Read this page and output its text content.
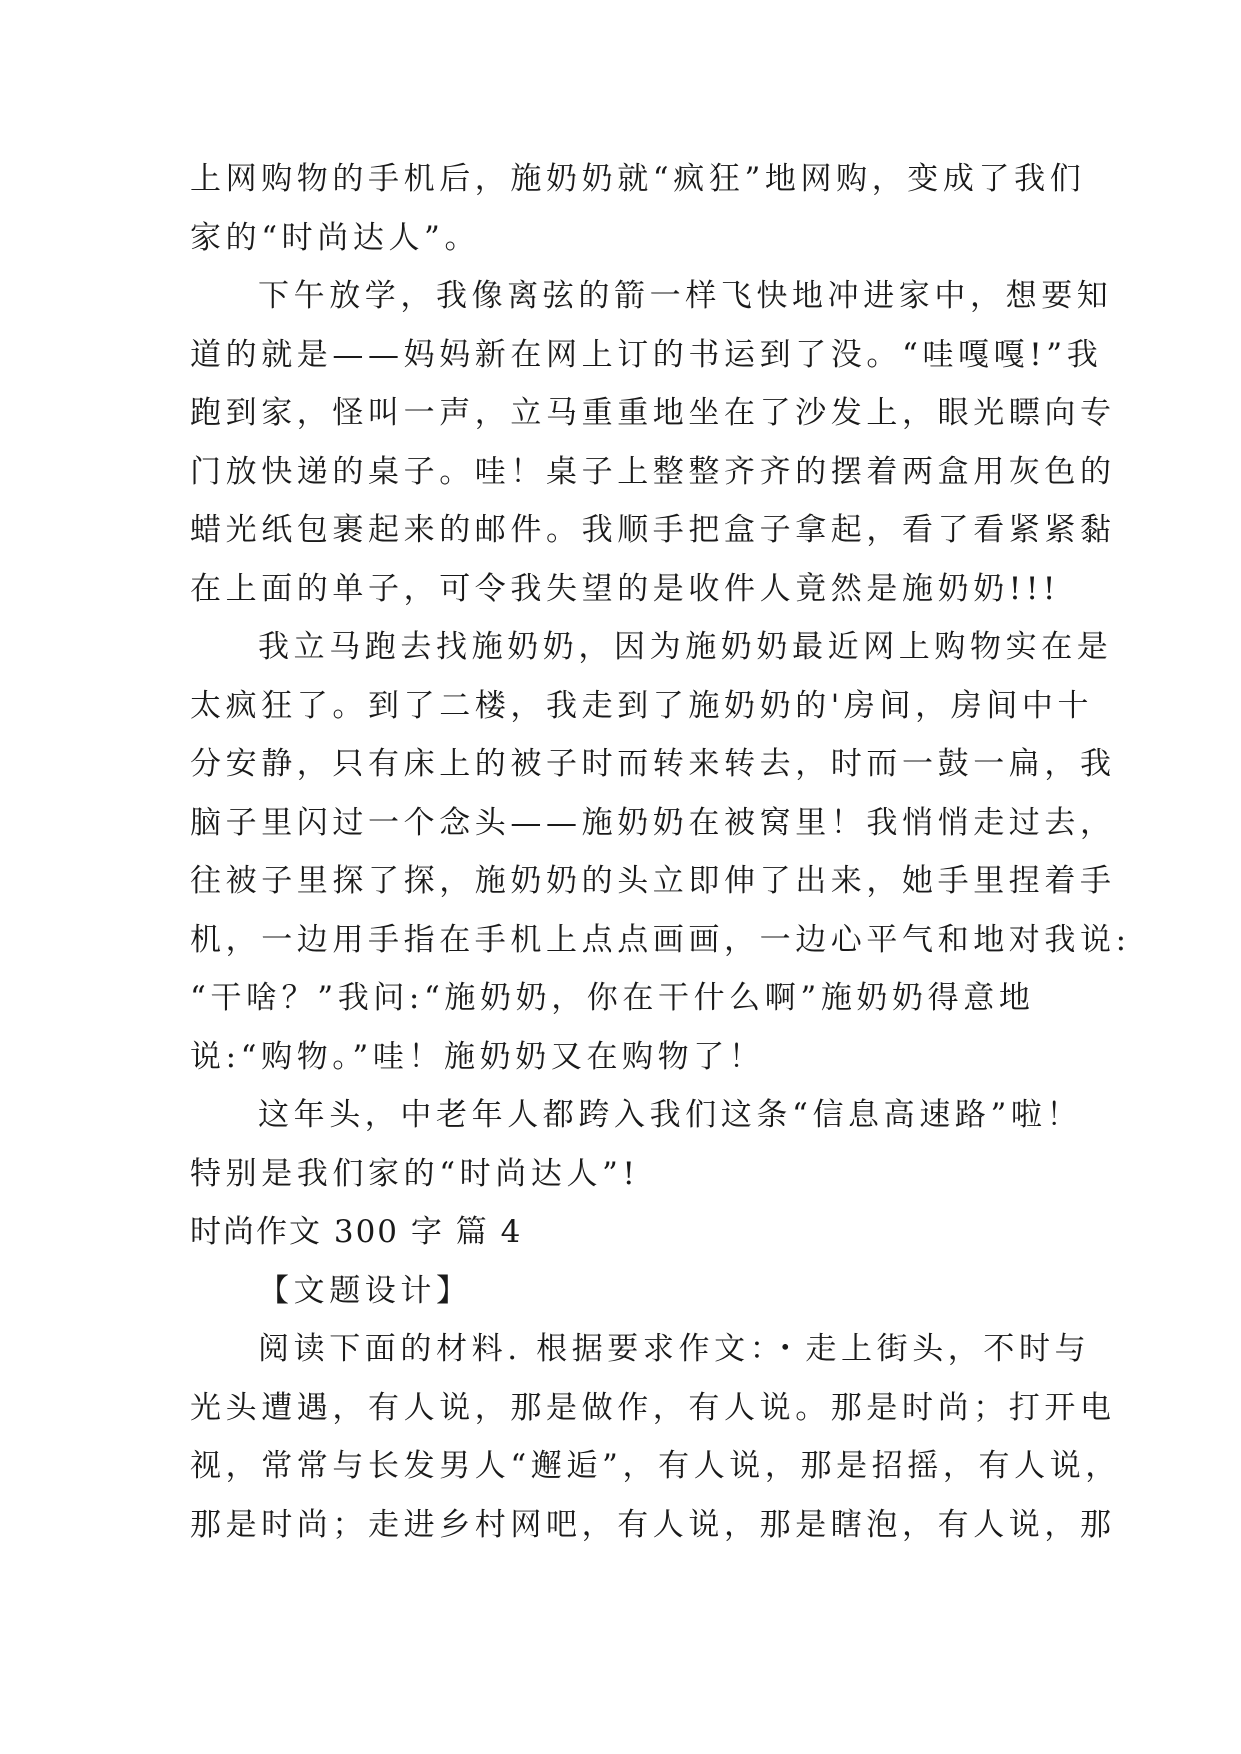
上网购物的手机后，施奶奶就“疯狂”地网购，变成了我们
家的“时尚达人”。
下午放学，我像离弦的箭一样飞快地冲进家中，想要知
道的就是——妈妈新在网上订的书运到了没。“哇嘎嘎!”我
跑到家，怪叫一声，立马重重地坐在了沙发上，眼光瞟向专
门放快递的桌子。哇！桌子上整整齐齐的摆着两盒用灰色的
蜡光纸包裹起来的邮件。我顺手把盒子拿起，看了看紧紧黏
在上面的单子，可令我失望的是收件人竟然是施奶奶!!!
我立马跑去找施奶奶，因为施奶奶最近网上购物实在是
太疯狂了。到了二楼，我走到了施奶奶的'房间，房间中十
分安静，只有床上的被子时而转来转去，时而一鼓一扁，我
脑子里闪过一个念头——施奶奶在被窝里！我悄悄走过去，
往被子里探了探，施奶奶的头立即伸了出来，她手里捏着手
机，一边用手指在手机上点点画画，一边心平气和地对我说:
“干啥？”我问:“施奶奶，你在干什么啊”施奶奶得意地
说:“购物。”哇！施奶奶又在购物了！
这年头，中老年人都跨入我们这条“信息高速路”啦！
特别是我们家的“时尚达人”!
时尚作文 300 字 篇 4
【文题设计】
阅读下面的材料. 根据要求作文：・走上街头，不时与
光头遭遇，有人说，那是做作，有人说。那是时尚；打开电
视，常常与长发男人“邂逅”，有人说，那是招摇，有人说，
那是时尚；走进乡村网吧，有人说，那是瞎泡，有人说，那
